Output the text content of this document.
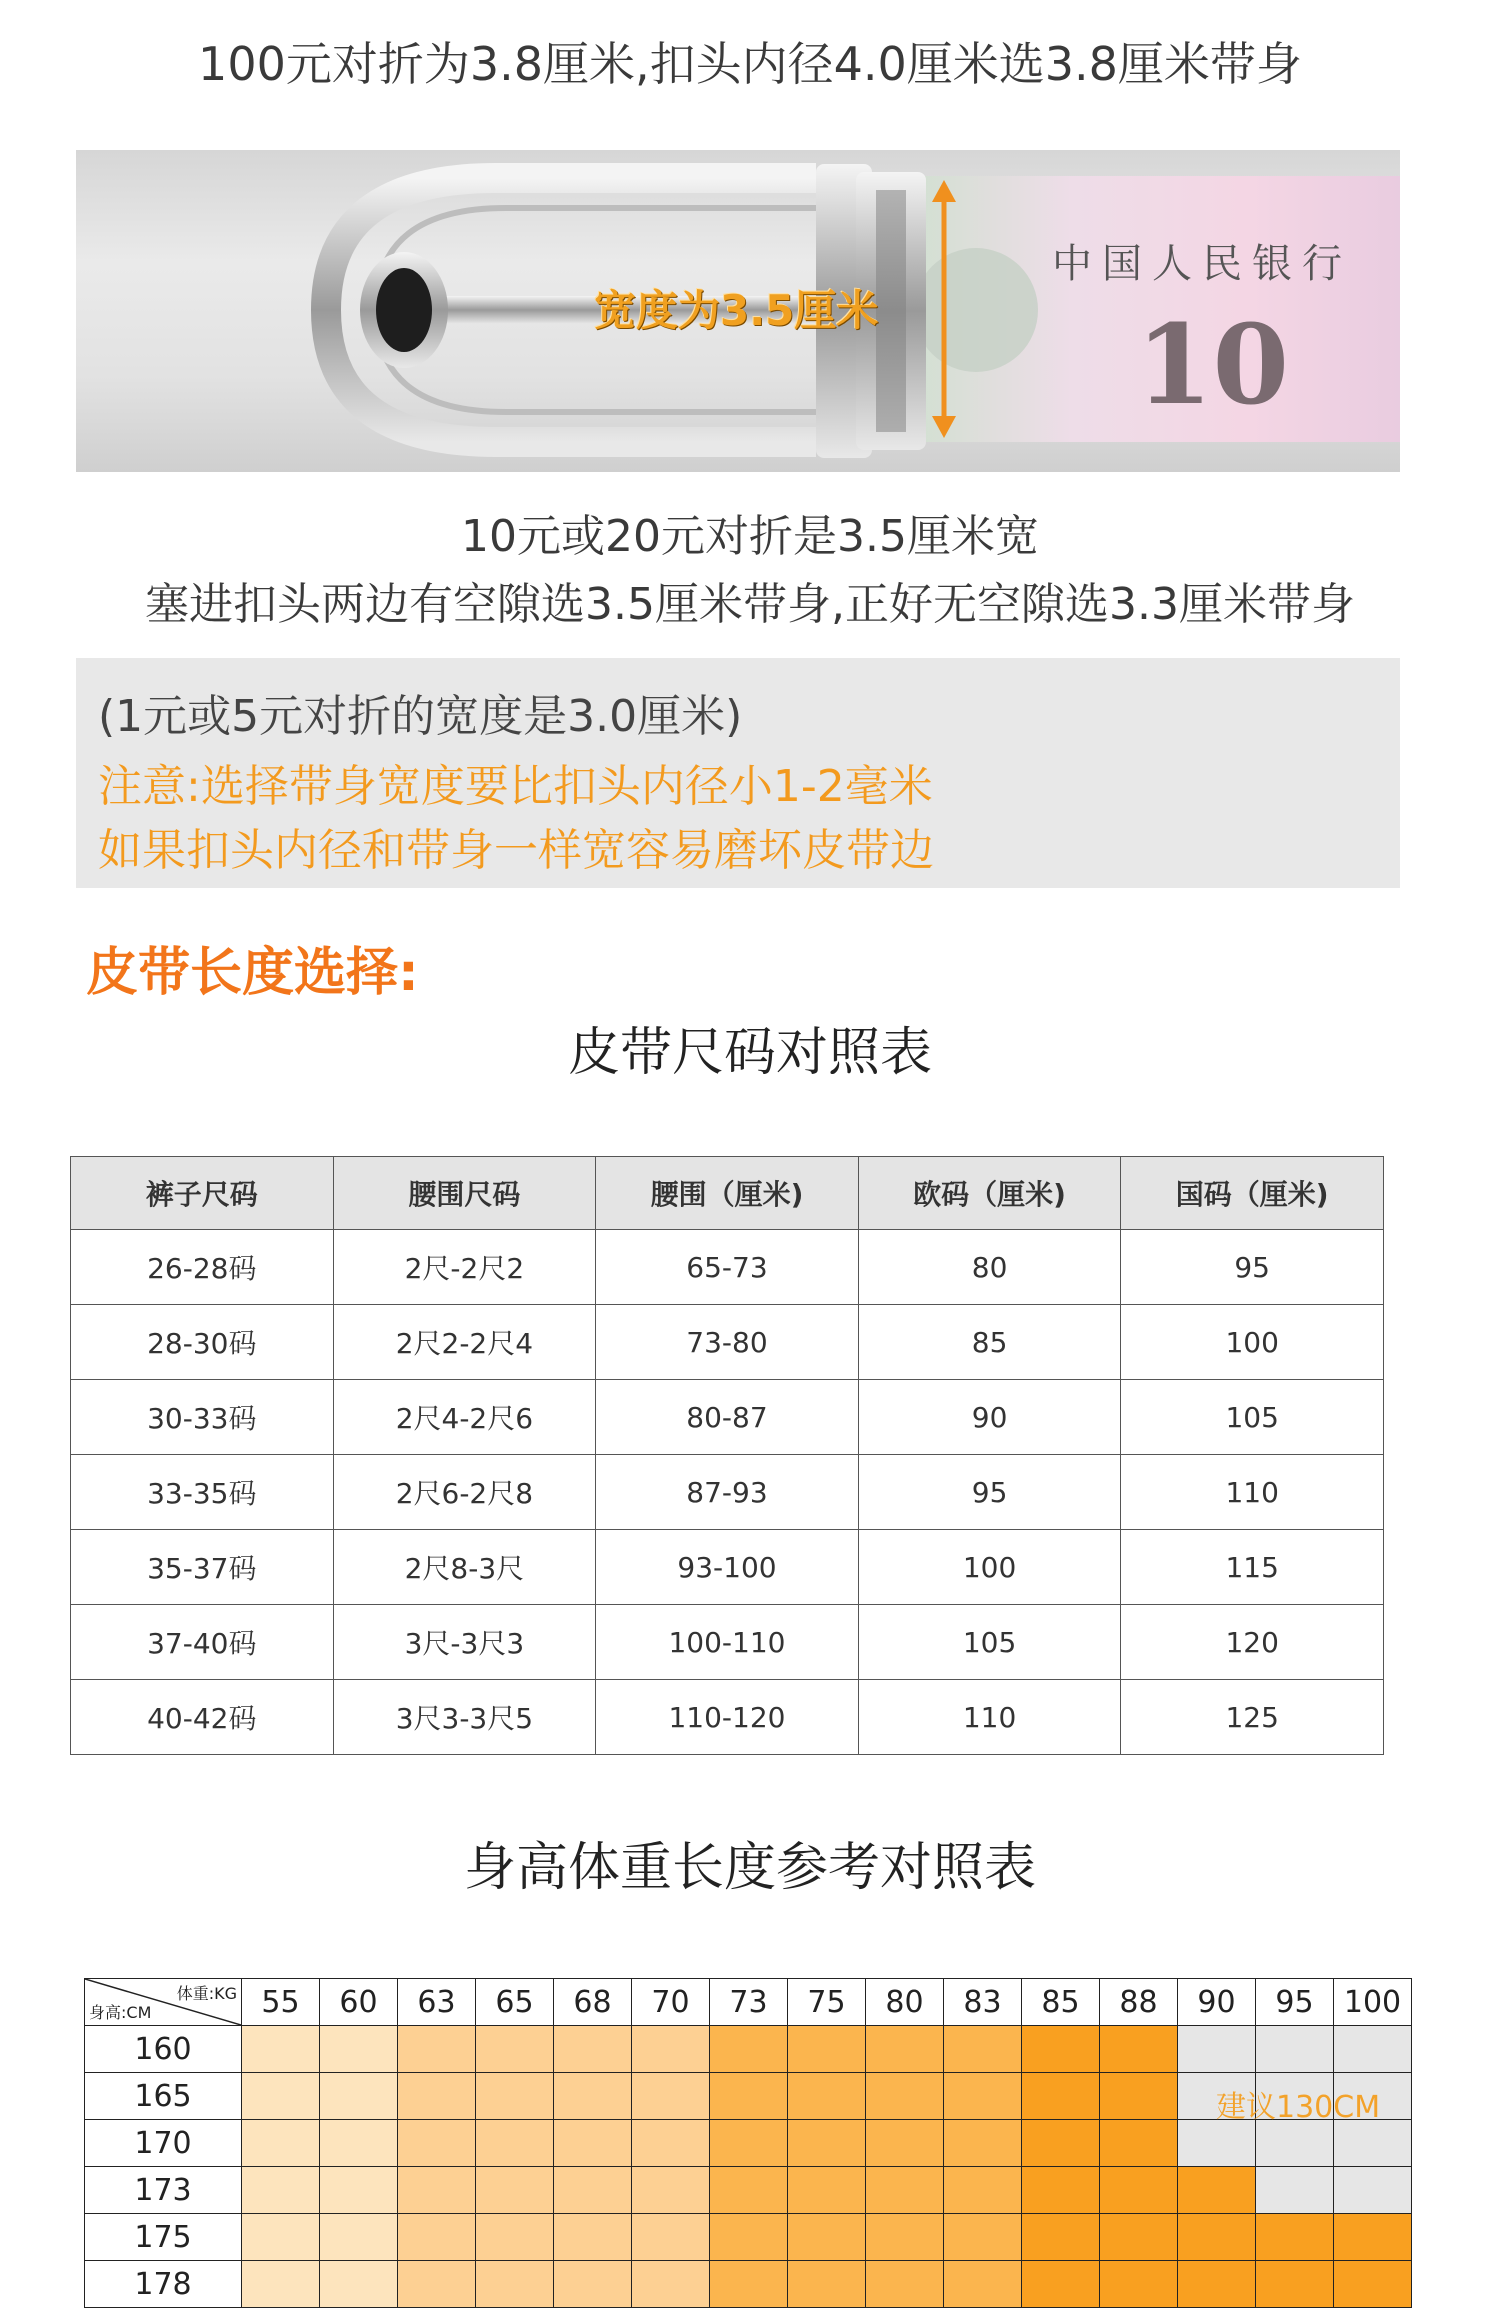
100元对折为3.8厘米,扣头内径4.0厘米选3.8厘米带身
宽度为3.5厘米
中国人民银行
10
10元或20元对折是3.5厘米宽
塞进扣头两边有空隙选3.5厘米带身,正好无空隙选3.3厘米带身
(1元或5元对折的宽度是3.0厘米)
注意:选择带身宽度要比扣头内径小1-2毫米
如果扣头内径和带身一样宽容易磨坏皮带边
皮带长度选择:
皮带尺码对照表
裤子尺码	腰围尺码	腰围（厘米)	欧码（厘米)	国码（厘米)
26-28码	2尺-2尺2	65-73	80	95
28-30码	2尺2-2尺4	73-80	85	100
30-33码	2尺4-2尺6	80-87	90	105
33-35码	2尺6-2尺8	87-93	95	110
35-37码	2尺8-3尺	93-100	100	115
37-40码	3尺-3尺3	100-110	105	120
40-42码	3尺3-3尺5	110-120	110	125
身高体重长度参考对照表
体重:KG
身高:CM	55	60	63	65	68	70	73	75	80	83	85	88	90	95	100
160															
165															
170															
173															
175															
178															
建议130CM
